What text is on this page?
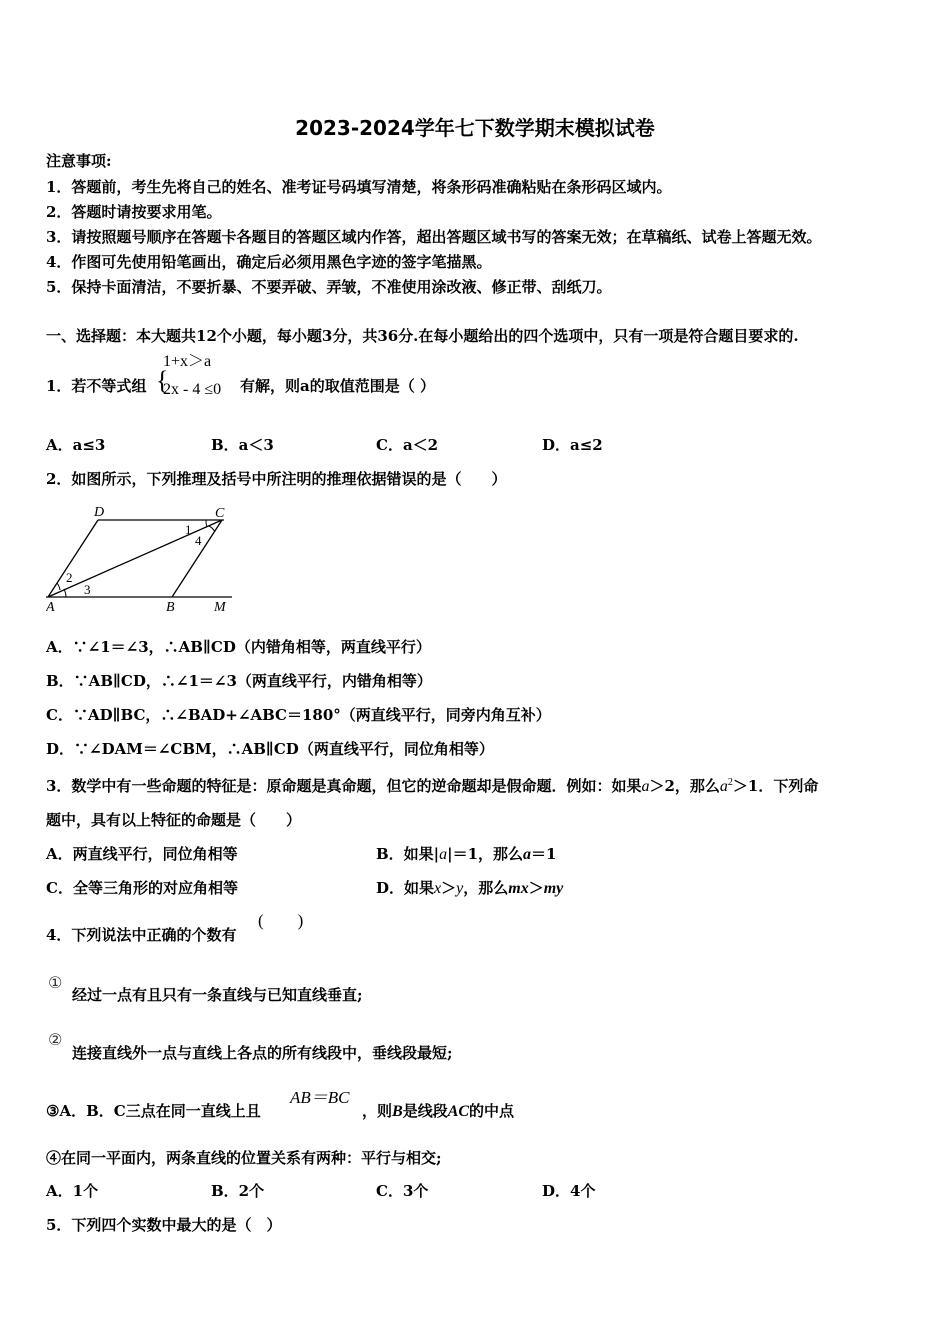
2023-2024学年七下数学期末模拟试卷
注意事项:
1．答题前，考生先将自己的姓名、准考证号码填写清楚，将条形码准确粘贴在条形码区域内。
2．答题时请按要求用笔。
3．请按照题号顺序在答题卡各题目的答题区域内作答，超出答题区域书写的答案无效；在草稿纸、试卷上答题无效。
4．作图可先使用铅笔画出，确定后必须用黑色字迹的签字笔描黑。
5．保持卡面清洁，不要折暴、不要弄破、弄皱，不准使用涂改液、修正带、刮纸刀。
一、选择题：本大题共12个小题，每小题3分，共36分.在每小题给出的四个选项中，只有一项是符合题目要求的.
1．若不等式组 {
1+x＞a
2x - 4 ≤0 有解，则a的取值范围是（ ）
A．a≤3	B．a＜3	C．a＜2	D．a≤2
2．如图所示，下列推理及括号中所注明的推理依据错误的是（　　）
D	C
A	B	M
1
2
3
4
A．∵∠1＝∠3，∴AB∥CD（内错角相等，两直线平行）
B．∵AB∥CD，∴∠1＝∠3（两直线平行，内错角相等）
C．∵AD∥BC，∴∠BAD+∠ABC＝180°（两直线平行，同旁内角互补）
D．∵∠DAM＝∠CBM，∴AB∥CD（两直线平行，同位角相等）
3．数学中有一些命题的特征是：原命题是真命题，但它的逆命题却是假命题．例如：如果a＞2，那么$a^2>1$．下列命
题中，具有以上特征的命题是（　　）
A．两直线平行，同位角相等	B．如果|a|＝1，那么a＝1
C．全等三角形的对应角相等	D．如果x＞y，那么mx＞my
4．下列说法中正确的个数有
(　　)
①
经过一点有且只有一条直线与已知直线垂直;
②
连接直线外一点与直线上各点的所有线段中，垂线段最短;
③A．B．C三点在同一直线上且
AB＝BC
，则B是线段AC的中点
④在同一平面内，两条直线的位置关系有两种：平行与相交;
A．1个	B．2个	C．3个	D．4个
5．下列四个实数中最大的是（　）
